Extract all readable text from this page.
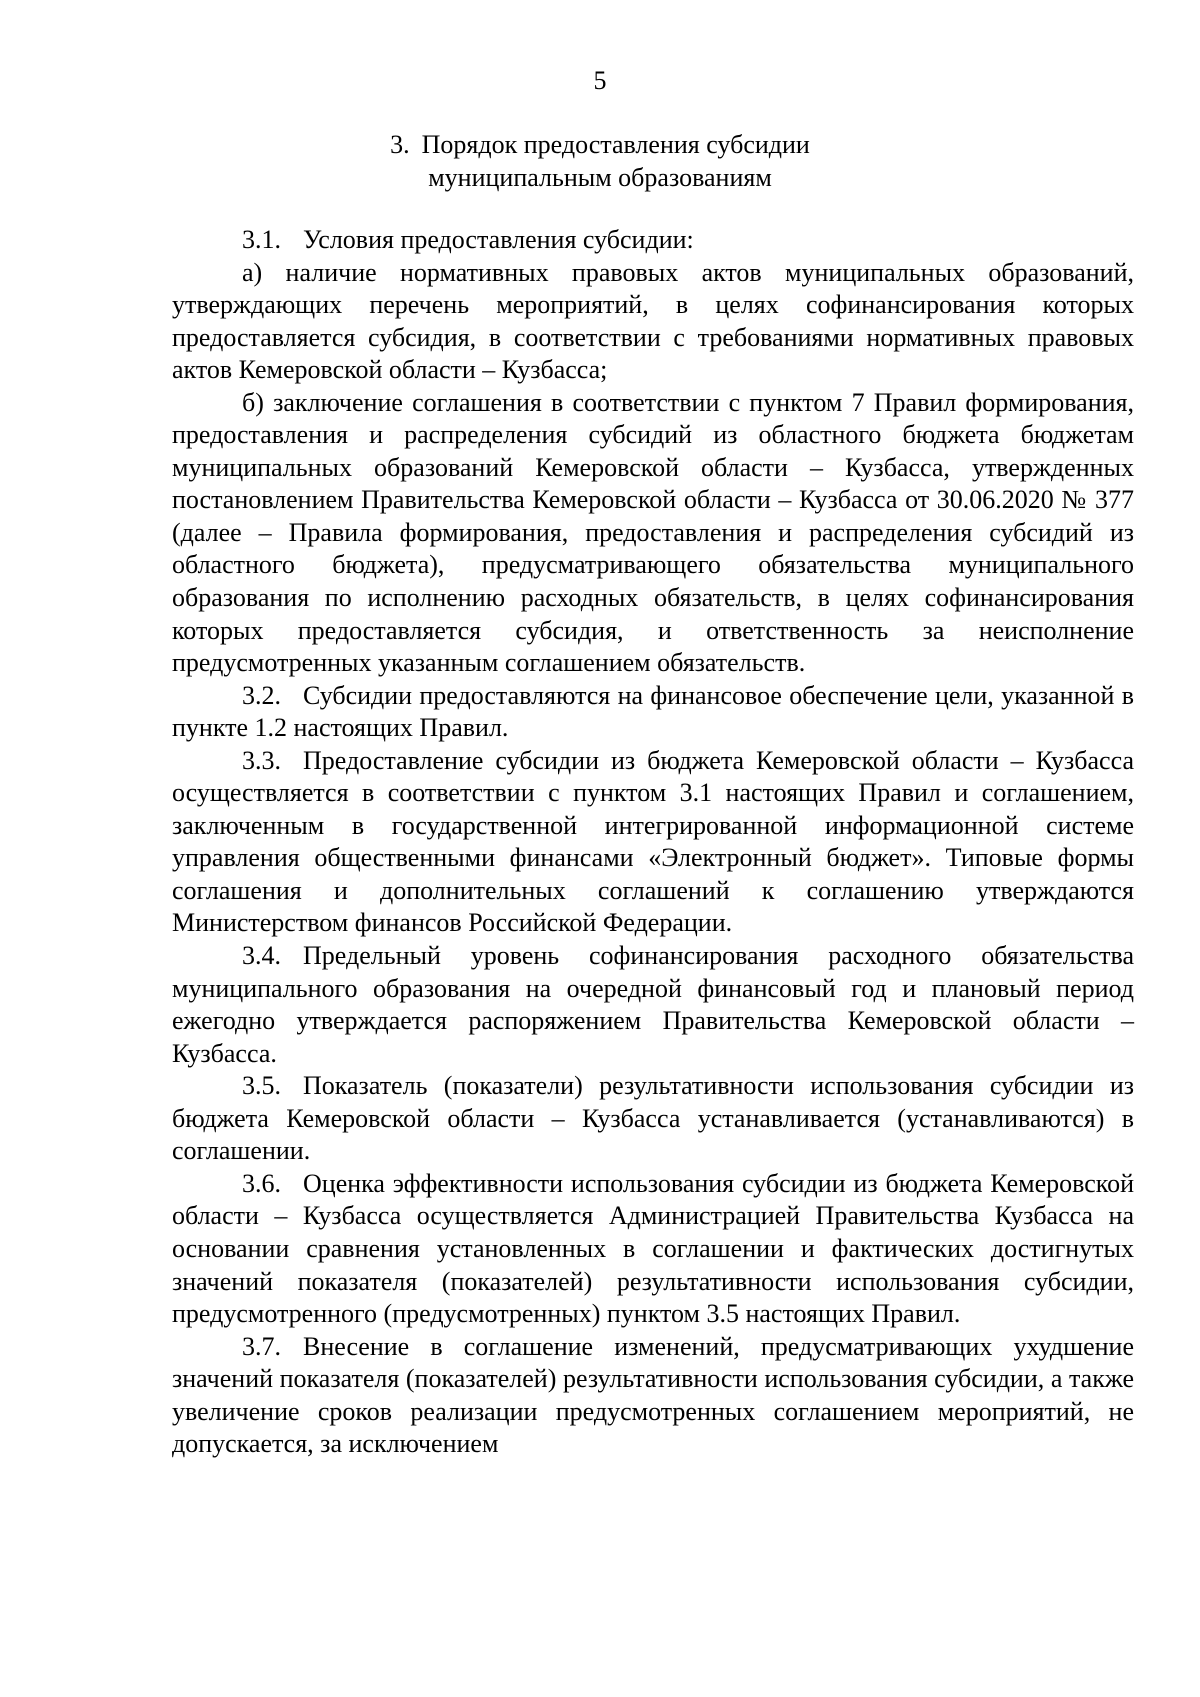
5
3. Порядок предоставления субсидии
муниципальным образованиям

3.1. Условия предоставления субсидии:

а) наличие нормативных правовых актов муниципальных образований, утверждающих перечень мероприятий, в целях софинансирования которых предоставляется субсидия, в соответствии с требованиями нормативных правовых актов Кемеровской области – Кузбасса;

б) заключение соглашения в соответствии с пунктом 7 Правил формирования, предоставления и распределения субсидий из областного бюджета бюджетам муниципальных образований Кемеровской области – Кузбасса, утвержденных постановлением Правительства Кемеровской области – Кузбасса от 30.06.2020 № 377 (далее – Правила формирования, предоставления и распределения субсидий из областного бюджета), предусматривающего обязательства муниципального образования по исполнению расходных обязательств, в целях софинансирования которых предоставляется субсидия, и ответственность за неисполнение предусмотренных указанным соглашением обязательств.

3.2. Субсидии предоставляются на финансовое обеспечение цели, указанной в пункте 1.2 настоящих Правил.

3.3. Предоставление субсидии из бюджета Кемеровской области – Кузбасса осуществляется в соответствии с пунктом 3.1 настоящих Правил и соглашением, заключенным в государственной интегрированной информационной системе управления общественными финансами «Электронный бюджет». Типовые формы соглашения и дополнительных соглашений к соглашению утверждаются Министерством финансов Российской Федерации.

3.4. Предельный уровень софинансирования расходного обязательства муниципального образования на очередной финансовый год и плановый период ежегодно утверждается распоряжением Правительства Кемеровской области – Кузбасса.

3.5. Показатель (показатели) результативности использования субсидии из бюджета Кемеровской области – Кузбасса устанавливается (устанавливаются) в соглашении.

3.6. Оценка эффективности использования субсидии из бюджета Кемеровской области – Кузбасса осуществляется Администрацией Правительства Кузбасса на основании сравнения установленных в соглашении и фактических достигнутых значений показателя (показателей) результативности использования субсидии, предусмотренного (предусмотренных) пунктом 3.5 настоящих Правил.

3.7. Внесение в соглашение изменений, предусматривающих ухудшение значений показателя (показателей) результативности использования субсидии, а также увеличение сроков реализации предусмотренных соглашением мероприятий, не допускается, за исключением
